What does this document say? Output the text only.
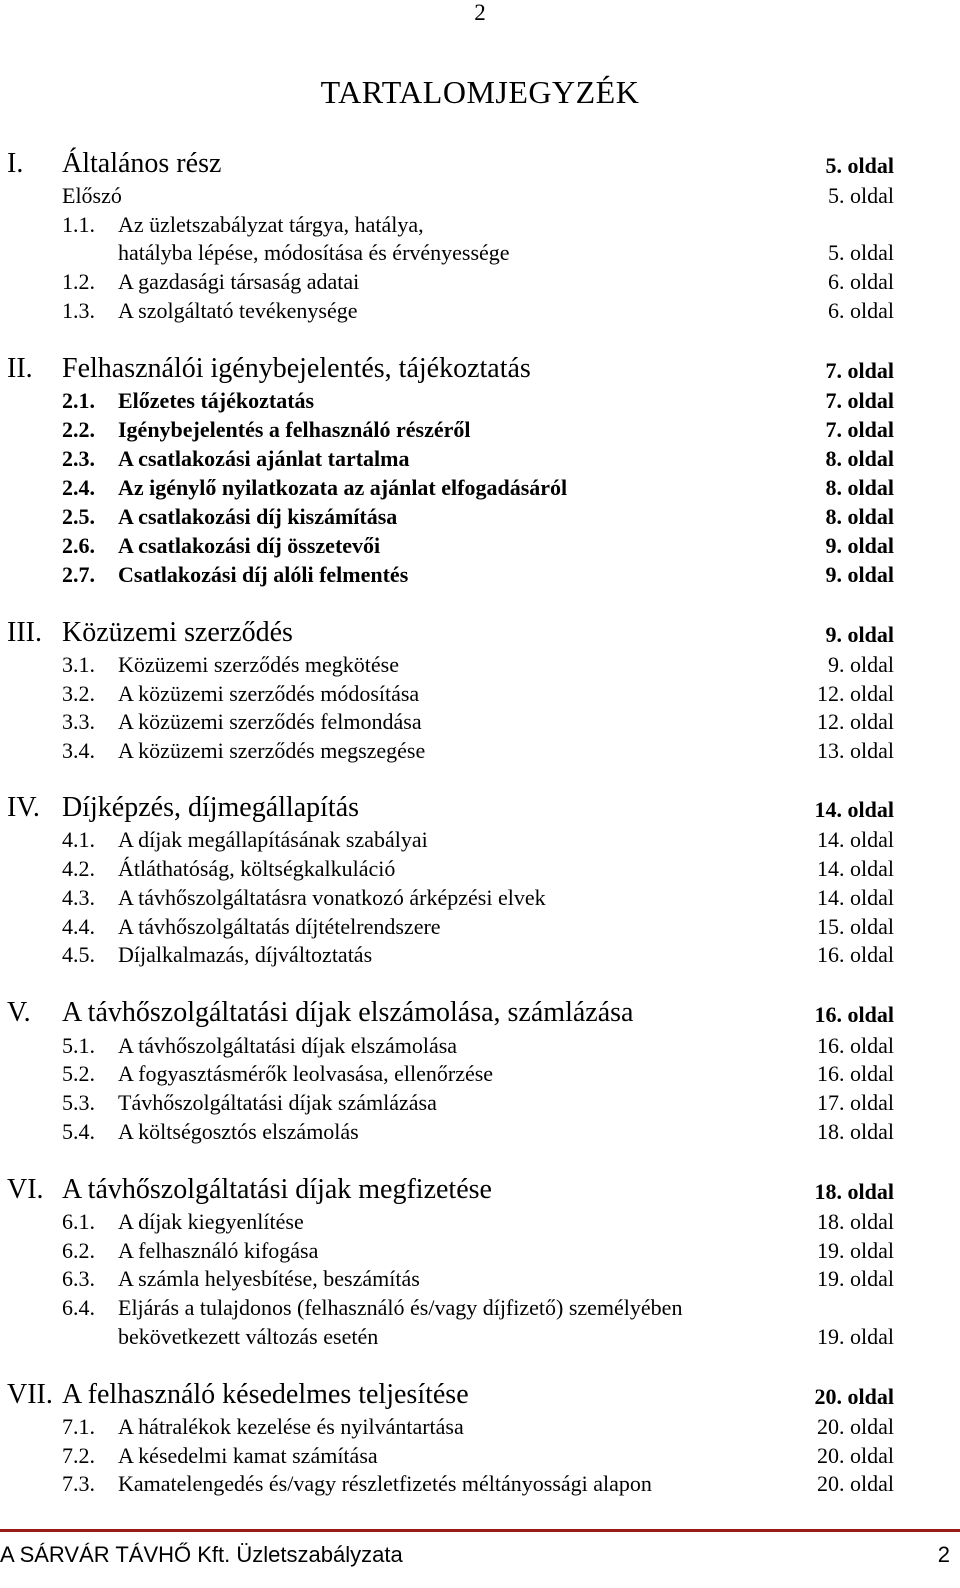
2
TARTALOMJEGYZÉK
I. Általános rész	5. oldal
Előszó	5. oldal
1.1. Az üzletszabályzat tárgya, hatálya,
hatályba lépése, módosítása és érvényessége	5. oldal
1.2. A gazdasági társaság adatai	6. oldal
1.3. A szolgáltató tevékenysége	6. oldal
II. Felhasználói igénybejelentés, tájékoztatás	7. oldal
2.1. Előzetes tájékoztatás	7. oldal
2.2. Igénybejelentés a felhasználó részéről	7. oldal
2.3. A csatlakozási ajánlat tartalma	8. oldal
2.4. Az igénylő nyilatkozata az ajánlat elfogadásáról	8. oldal
2.5. A csatlakozási díj kiszámítása	8. oldal
2.6. A csatlakozási díj összetevői	9. oldal
2.7. Csatlakozási díj alóli felmentés	9. oldal
III. Közüzemi szerződés	9. oldal
3.1. Közüzemi szerződés megkötése	9. oldal
3.2. A közüzemi szerződés módosítása	12. oldal
3.3. A közüzemi szerződés felmondása	12. oldal
3.4. A közüzemi szerződés megszegése	13. oldal
IV. Díjképzés, díjmegállapítás	14. oldal
4.1. A díjak megállapításának szabályai	14. oldal
4.2. Átláthatóság, költségkalkuláció	14. oldal
4.3. A távhőszolgáltatásra vonatkozó árképzési elvek	14. oldal
4.4. A távhőszolgáltatás díjtételrendszere	15. oldal
4.5. Díjalkalmazás, díjváltoztatás	16. oldal
V. A távhőszolgáltatási díjak elszámolása, számlázása	16. oldal
5.1. A távhőszolgáltatási díjak elszámolása	16. oldal
5.2. A fogyasztásmérők leolvasása, ellenőrzése	16. oldal
5.3. Távhőszolgáltatási díjak számlázása	17. oldal
5.4. A költségosztós elszámolás	18. oldal
VI. A távhőszolgáltatási díjak megfizetése	18. oldal
6.1. A díjak kiegyenlítése	18. oldal
6.2. A felhasználó kifogása	19. oldal
6.3. A számla helyesbítése, beszámítás	19. oldal
6.4. Eljárás a tulajdonos (felhasználó és/vagy díjfizető) személyében
bekövetkezett változás esetén	19. oldal
VII. A felhasználó késedelmes teljesítése	20. oldal
7.1. A hátralékok kezelése és nyilvántartása	20. oldal
7.2. A késedelmi kamat számítása	20. oldal
7.3. Kamatelengedés és/vagy részletfizetés méltányossági alapon	20. oldal
A SÁRVÁR TÁVHŐ Kft. Üzletszabályzata	2
